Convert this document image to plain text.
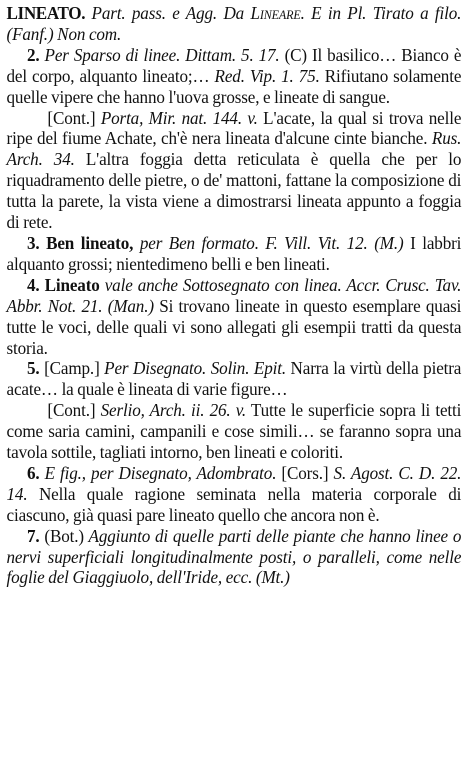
LINEATO. Part. pass. e Agg. Da Lineare. E in Pl. Tirato a filo. (Fanf.) Non com.

2. Per Sparso di linee. Dittam. 5. 17. (C) Il basilico… Bianco è del corpo, alquanto lineato;… Red. Vip. 1. 75. Rifiutano solamente quelle vipere che hanno l'uova grosse, e lineate di sangue.

[Cont.] Porta, Mir. nat. 144. v. L'acate, la qual si trova nelle ripe del fiume Achate, ch'è nera lineata d'alcune cinte bianche. Rus. Arch. 34. L'altra foggia detta reticulata è quella che per lo riquadramento delle pietre, o de' mattoni, fattane la composizione di tutta la parete, la vista viene a dimostrarsi lineata appunto a foggia di rete.

3. Ben lineato, per Ben formato. F. Vill. Vit. 12. (M.) I labbri alquanto grossi; nientedimeno belli e ben lineati.

4. Lineato vale anche Sottosegnato con linea. Accr. Crusc. Tav. Abbr. Not. 21. (Man.) Si trovano lineate in questo esemplare quasi tutte le voci, delle quali vi sono allegati gli esempii tratti da questa storia.

5. [Camp.] Per Disegnato. Solin. Epit. Narra la virtù della pietra acate… la quale è lineata di varie figure…

[Cont.] Serlio, Arch. ii. 26. v. Tutte le superficie sopra li tetti come saria camini, campanili e cose simili… se faranno sopra una tavola sottile, tagliati intorno, ben lineati e coloriti.

6. E fig., per Disegnato, Adombrato. [Cors.] S. Agost. C. D. 22. 14. Nella quale ragione seminata nella materia corporale di ciascuno, già quasi pare lineato quello che ancora non è.

7. (Bot.) Aggiunto di quelle parti delle piante che hanno linee o nervi superficiali longitudinalmente posti, o paralleli, come nelle foglie del Giaggiuolo, dell'Iride, ecc. (Mt.)
